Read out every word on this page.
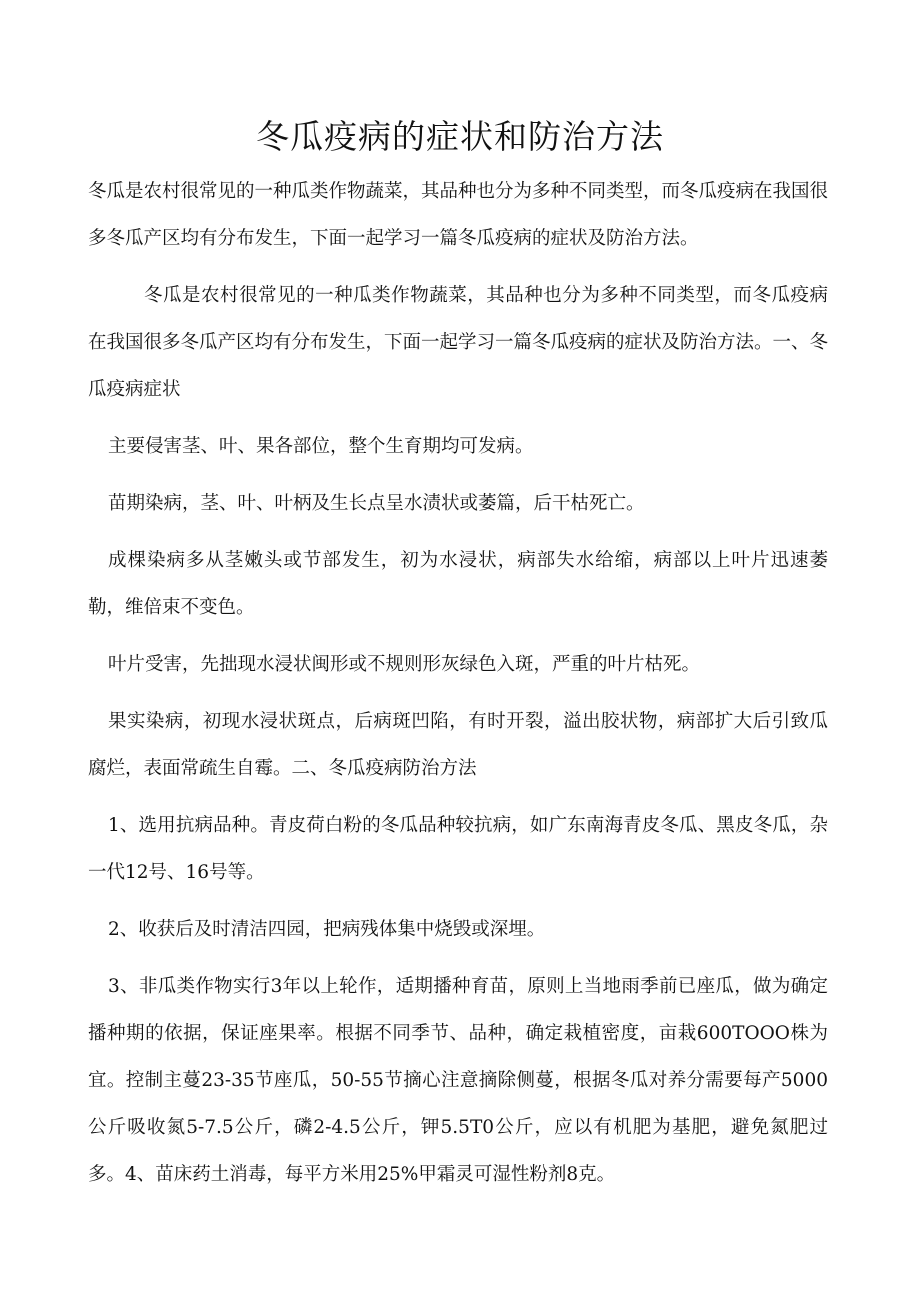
冬瓜疫病的症状和防治方法

冬瓜是农村很常见的一种瓜类作物蔬菜，其品种也分为多种不同类型，而冬瓜疫病在我国很多冬瓜产区均有分布发生，下面一起学习一篇冬瓜疫病的症状及防治方法。

冬瓜是农村很常见的一种瓜类作物蔬菜，其品种也分为多种不同类型，而冬瓜疫病在我国很多冬瓜产区均有分布发生，下面一起学习一篇冬瓜疫病的症状及防治方法。一、冬瓜疫病症状

主要侵害茎、叶、果各部位，整个生育期均可发病。

苗期染病，茎、叶、叶柄及生长点呈水渍状或萎篇，后干枯死亡。

成棵染病多从茎嫩头或节部发生，初为水浸状，病部失水给缩，病部以上叶片迅速萎勒，维倍束不变色。

叶片受害，先拙现水浸状闽形或不规则形灰绿色入斑，严重的叶片枯死。

果实染病，初现水浸状斑点，后病斑凹陷，有时开裂，溢出胶状物，病部扩大后引致瓜腐烂，表面常疏生自霉。二、冬瓜疫病防治方法

1、选用抗病品种。青皮荷白粉的冬瓜品种较抗病，如广东南海青皮冬瓜、黑皮冬瓜，杂一代12号、16号等。

2、收获后及时清洁四园，把病残体集中烧毁或深埋。

3、非瓜类作物实行3年以上轮作，适期播种育苗，原则上当地雨季前已座瓜，做为确定播种期的依据，保证座果率。根据不同季节、品种，确定栽植密度，亩栽600TOOO株为宜。控制主蔓23-35节座瓜，50-55节摘心注意摘除侧蔓，根据冬瓜对养分需要每产5000公斤吸收氮5-7.5公斤，磷2-4.5公斤，钾5.5T0公斤，应以有机肥为基肥，避免氮肥过多。4、苗床药土消毒，每平方米用25%甲霜灵可湿性粉剂8克。
